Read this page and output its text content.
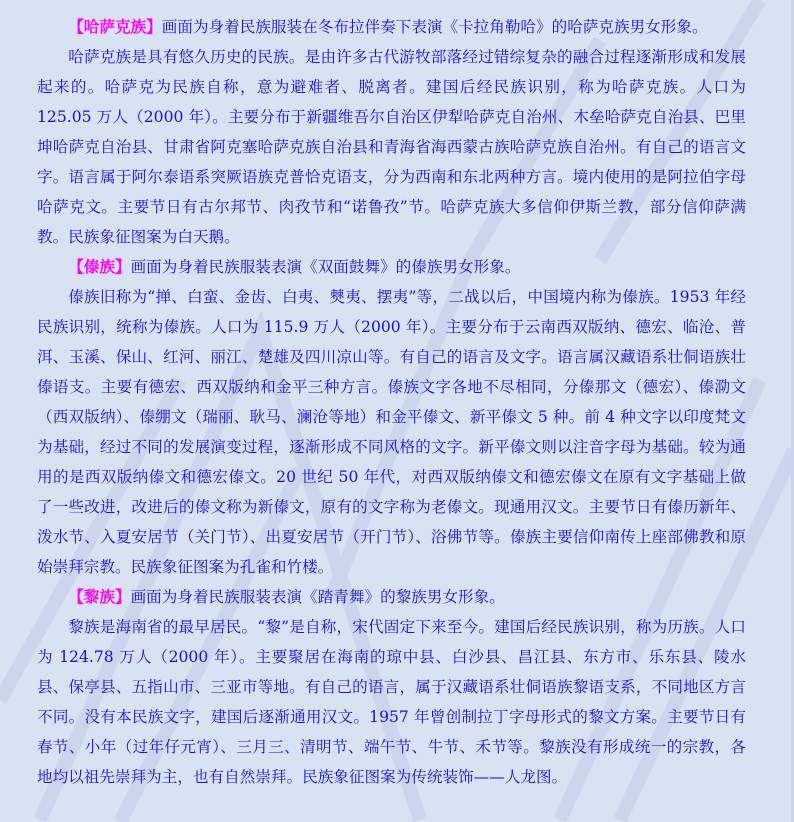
【哈萨克族】画面为身着民族服装在冬布拉伴奏下表演《卡拉角勒哈》的哈萨克族男女形象。

哈萨克族是具有悠久历史的民族。是由许多古代游牧部落经过错综复杂的融合过程逐渐形成和发展起来的。哈萨克为民族自称，意为避难者、脱离者。建国后经民族识别，称为哈萨克族。人口为 125.05 万人（2000 年）。主要分布于新疆维吾尔自治区伊犁哈萨克自治州、木垒哈萨克自治县、巴里坤哈萨克自治县、甘肃省阿克塞哈萨克族自治县和青海省海西蒙古族哈萨克族自治州。有自己的语言文字。语言属于阿尔泰语系突厥语族克普恰克语支，分为西南和东北两种方言。境内使用的是阿拉伯字母哈萨克文。主要节日有古尔邦节、肉孜节和“诺鲁孜”节。哈萨克族大多信仰伊斯兰教，部分信仰萨满教。民族象征图案为白天鹅。

【傣族】画面为身着民族服装表演《双面鼓舞》的傣族男女形象。

傣族旧称为“掸、白蛮、金齿、白夷、僰夷、摆夷”等，二战以后，中国境内称为傣族。1953 年经民族识别，统称为傣族。人口为 115.9 万人（2000 年）。主要分布于云南西双版纳、德宏、临沧、普洱、玉溪、保山、红河、丽江、楚雄及四川凉山等。有自己的语言及文字。语言属汉藏语系壮侗语族壮傣语支。主要有德宏、西双版纳和金平三种方言。傣族文字各地不尽相同，分傣那文（德宏）、傣泐文（西双版纳）、傣绷文（瑞丽、耿马、澜沧等地）和金平傣文、新平傣文 5 种。前 4 种文字以印度梵文为基础，经过不同的发展演变过程，逐渐形成不同风格的文字。新平傣文则以注音字母为基础。较为通用的是西双版纳傣文和德宏傣文。20 世纪 50 年代，对西双版纳傣文和德宏傣文在原有文字基础上做了一些改进，改进后的傣文称为新傣文，原有的文字称为老傣文。现通用汉文。主要节日有傣历新年、泼水节、入夏安居节（关门节）、出夏安居节（开门节）、浴佛节等。傣族主要信仰南传上座部佛教和原始崇拜宗教。民族象征图案为孔雀和竹楼。

【黎族】画面为身着民族服装表演《踏青舞》的黎族男女形象。

黎族是海南省的最早居民。“黎”是自称，宋代固定下来至今。建国后经民族识别，称为历族。人口为 124.78 万人（2000 年）。主要聚居在海南的琼中县、白沙县、昌江县、东方市、乐东县、陵水县、保亭县、五指山市、三亚市等地。有自己的语言，属于汉藏语系壮侗语族黎语支系，不同地区方言不同。没有本民族文字，建国后逐渐通用汉文。1957 年曾创制拉丁字母形式的黎文方案。主要节日有春节、小年（过年仔元宵）、三月三、清明节、端午节、牛节、禾节等。黎族没有形成统一的宗教，各地均以祖先崇拜为主，也有自然崇拜。民族象征图案为传统装饰——人龙图。
